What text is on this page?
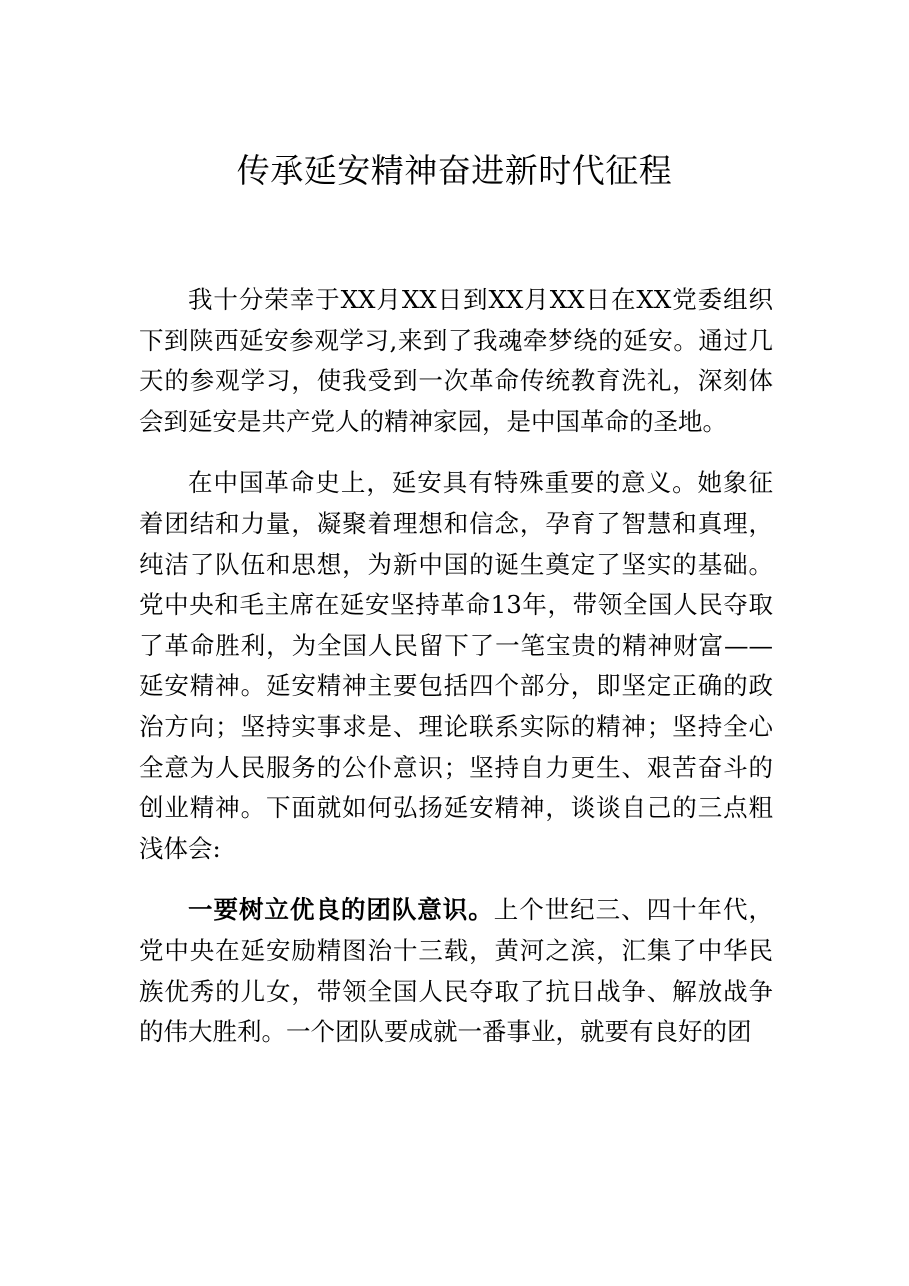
传承延安精神奋进新时代征程

我十分荣幸于XX月XX日到XX月XX日在XX党委组织下到陕西延安参观学习,来到了我魂牵梦绕的延安。通过几天的参观学习，使我受到一次革命传统教育洗礼，深刻体会到延安是共产党人的精神家园，是中国革命的圣地。

在中国革命史上，延安具有特殊重要的意义。她象征着团结和力量，凝聚着理想和信念，孕育了智慧和真理，纯洁了队伍和思想，为新中国的诞生奠定了坚实的基础。党中央和毛主席在延安坚持革命13年，带领全国人民夺取了革命胜利，为全国人民留下了一笔宝贵的精神财富——延安精神。延安精神主要包括四个部分，即坚定正确的政治方向；坚持实事求是、理论联系实际的精神；坚持全心全意为人民服务的公仆意识；坚持自力更生、艰苦奋斗的创业精神。下面就如何弘扬延安精神，谈谈自己的三点粗浅体会:

一要树立优良的团队意识。上个世纪三、四十年代，党中央在延安励精图治十三载，黄河之滨，汇集了中华民族优秀的儿女，带领全国人民夺取了抗日战争、解放战争的伟大胜利。一个团队要成就一番事业，就要有良好的团
